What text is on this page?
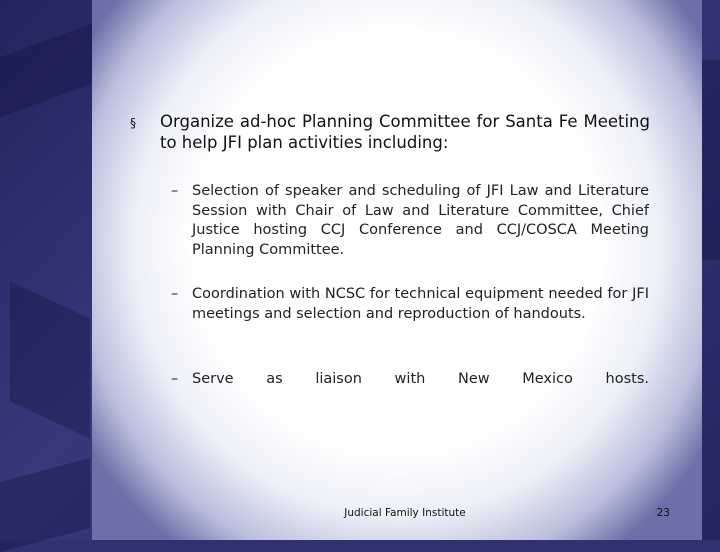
§ Organize ad-hoc Planning Committee for Santa Fe Meeting to help JFI plan activities including:
– Selection of speaker and scheduling of JFI Law and Literature Session with Chair of Law and Literature Committee, Chief Justice hosting CCJ Conference and CCJ/COSCA Meeting Planning Committee.
– Coordination with NCSC for technical equipment needed for JFI meetings and selection and reproduction of handouts.
– Serve as liaison with New Mexico hosts.
Judicial Family Institute	23
